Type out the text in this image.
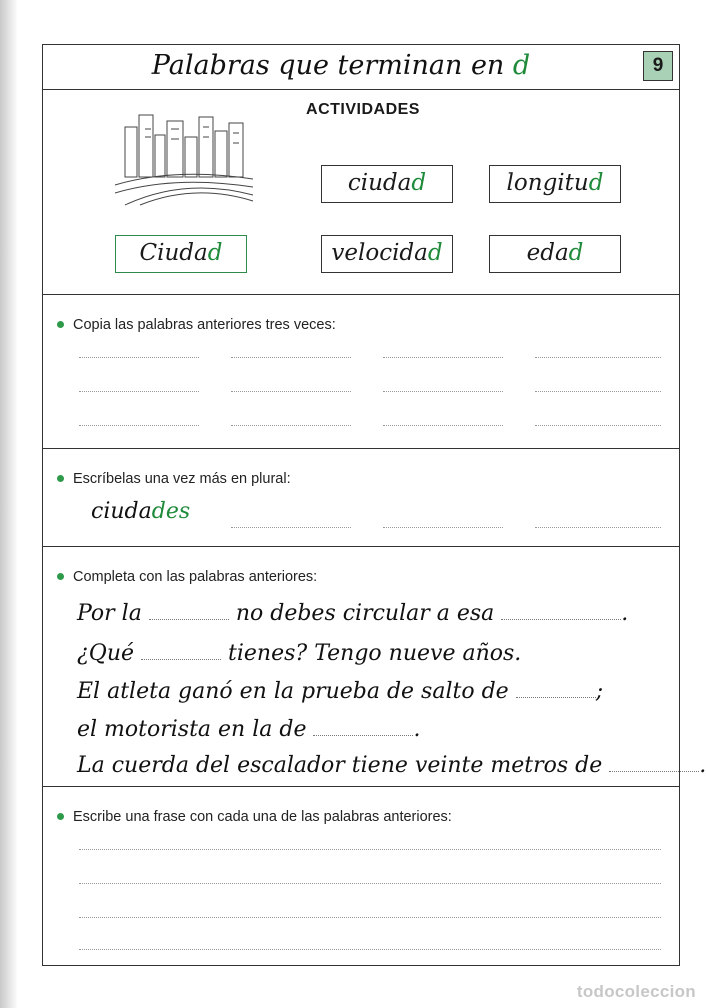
Palabras que terminan en d	9
ACTIVIDADES
ciudad	longitud
Ciudad	velocidad	edad
Copia las palabras anteriores tres veces:
Escríbelas una vez más en plural:
ciudades
Completa con las palabras anteriores:
Por la	no debes circular a esa	.
¿Qué	tienes? Tengo nueve años.
El atleta ganó en la prueba de salto de	;
el motorista en la de	.
La cuerda del escalador tiene veinte metros de	.
Escribe una frase con cada una de las palabras anteriores:
todocoleccion
